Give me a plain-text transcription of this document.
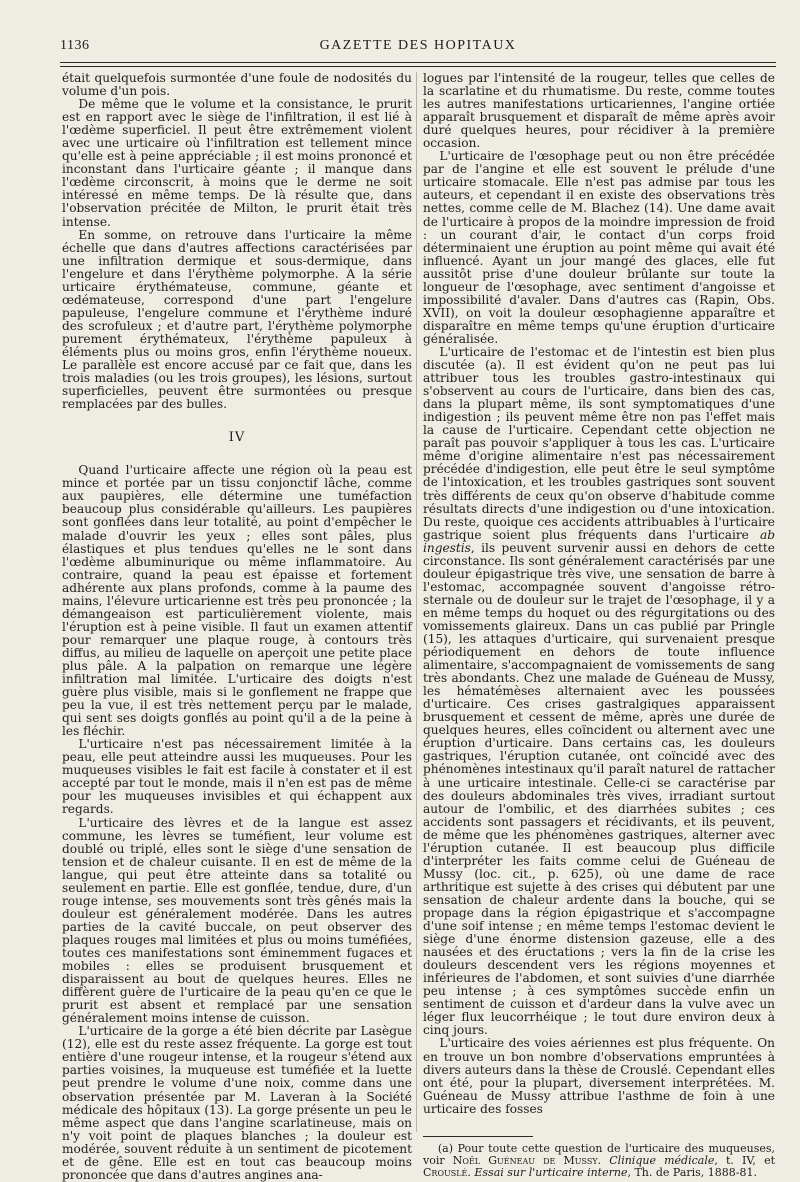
1136	GAZETTE DES HOPITAUX

était quelquefois surmontée d'une foule de nodosités du volume d'un pois.

De même que le volume et la consistance, le prurit est en rapport avec le siège de l'infiltration, il est lié à l'œdème superficiel. Il peut être extrêmement violent avec une urticaire où l'infiltration est tellement mince qu'elle est à peine appréciable ; il est moins prononcé et inconstant dans l'urticaire géante ; il manque dans l'œdème circonscrit, à moins que le derme ne soit intéressé en même temps. De là résulte que, dans l'observation précitée de Milton, le prurit était très intense.

En somme, on retrouve dans l'urticaire la même échelle que dans d'autres affections caractérisées par une infiltration dermique et sous-dermique, dans l'engelure et dans l'érythème polymorphe. A la série urticaire érythémateuse, commune, géante et œdémateuse, correspond d'une part l'engelure papuleuse, l'engelure commune et l'érythème induré des scrofuleux ; et d'autre part, l'érythème polymorphe purement érythémateux, l'érythème papuleux à éléments plus ou moins gros, enfin l'érythème noueux. Le parallèle est encore accusé par ce fait que, dans les trois maladies (ou les trois groupes), les lésions, surtout superficielles, peuvent être surmontées ou presque remplacées par des bulles.

IV

Quand l'urticaire affecte une région où la peau est mince et portée par un tissu conjonctif lâche, comme aux paupières, elle détermine une tuméfaction beaucoup plus considérable qu'ailleurs. Les paupières sont gonflées dans leur totalité, au point d'empêcher le malade d'ouvrir les yeux ; elles sont pâles, plus élastiques et plus tendues qu'elles ne le sont dans l'œdème albuminurique ou même inflammatoire. Au contraire, quand la peau est épaisse et fortement adhérente aux plans profonds, comme à la paume des mains, l'élevure urticarienne est très peu prononcée ; la démangeaison est particulièrement violente, mais l'éruption est à peine visible. Il faut un examen attentif pour remarquer une plaque rouge, à contours très diffus, au milieu de laquelle on aperçoit une petite place plus pâle. A la palpation on remarque une légère infiltration mal limitée. L'urticaire des doigts n'est guère plus visible, mais si le gonflement ne frappe que peu la vue, il est très nettement perçu par le malade, qui sent ses doigts gonflés au point qu'il a de la peine à les fléchir.

L'urticaire n'est pas nécessairement limitée à la peau, elle peut atteindre aussi les muqueuses. Pour les muqueuses visibles le fait est facile à constater et il est accepté par tout le monde, mais il n'en est pas de même pour les muqueuses invisibles et qui échappent aux regards.

L'urticaire des lèvres et de la langue est assez commune, les lèvres se tuméfient, leur volume est doublé ou triplé, elles sont le siège d'une sensation de tension et de chaleur cuisante. Il en est de même de la langue, qui peut être atteinte dans sa totalité ou seulement en partie. Elle est gonflée, tendue, dure, d'un rouge intense, ses mouvements sont très gênés mais la douleur est généralement modérée. Dans les autres parties de la cavité buccale, on peut observer des plaques rouges mal limitées et plus ou moins tuméfiées, toutes ces manifestations sont éminemment fugaces et mobiles : elles se produisent brusquement et disparaissent au bout de quelques heures. Elles ne diffèrent guère de l'urticaire de la peau qu'en ce que le prurit est absent et remplacé par une sensation généralement moins intense de cuisson.

L'urticaire de la gorge a été bien décrite par Lasègue (12), elle est du reste assez fréquente. La gorge est tout entière d'une rougeur intense, et la rougeur s'étend aux parties voisines, la muqueuse est tuméfiée et la luette peut prendre le volume d'une noix, comme dans une observation présentée par M. Laveran à la Société médicale des hôpitaux (13). La gorge présente un peu le même aspect que dans l'angine scarlatineuse, mais on n'y voit point de plaques blanches ; la douleur est modérée, souvent réduite à un sentiment de picotement et de gêne. Elle est en tout cas beaucoup moins prononcée que dans d'autres angines ana-

logues par l'intensité de la rougeur, telles que celles de la scarlatine et du rhumatisme. Du reste, comme toutes les autres manifestations urticariennes, l'angine ortiée apparaît brusquement et disparaît de même après avoir duré quelques heures, pour récidiver à la première occasion.

L'urticaire de l'œsophage peut ou non être précédée par de l'angine et elle est souvent le prélude d'une urticaire stomacale. Elle n'est pas admise par tous les auteurs, et cependant il en existe des observations très nettes, comme celle de M. Blachez (14). Une dame avait de l'urticaire à propos de la moindre impression de froid : un courant d'air, le contact d'un corps froid déterminaient une éruption au point même qui avait été influencé. Ayant un jour mangé des glaces, elle fut aussitôt prise d'une douleur brûlante sur toute la longueur de l'œsophage, avec sentiment d'angoisse et impossibilité d'avaler. Dans d'autres cas (Rapin, Obs. XVII), on voit la douleur œsophagienne apparaître et disparaître en même temps qu'une éruption d'urticaire généralisée.

L'urticaire de l'estomac et de l'intestin est bien plus discutée (a). Il est évident qu'on ne peut pas lui attribuer tous les troubles gastro-intestinaux qui s'observent au cours de l'urticaire, dans bien des cas, dans la plupart même, ils sont symptomatiques d'une indigestion ; ils peuvent même être non pas l'effet mais la cause de l'urticaire. Cependant cette objection ne paraît pas pouvoir s'appliquer à tous les cas. L'urticaire même d'origine alimentaire n'est pas nécessairement précédée d'indigestion, elle peut être le seul symptôme de l'intoxication, et les troubles gastriques sont souvent très différents de ceux qu'on observe d'habitude comme résultats directs d'une indigestion ou d'une intoxication. Du reste, quoique ces accidents attribuables à l'urticaire gastrique soient plus fréquents dans l'urticaire ab ingestis, ils peuvent survenir aussi en dehors de cette circonstance. Ils sont généralement caractérisés par une douleur épigastrique très vive, une sensation de barre à l'estomac, accompagnée souvent d'angoisse rétro-sternale ou de douleur sur le trajet de l'œsophage, il y a en même temps du hoquet ou des régurgitations ou des vomissements glaireux. Dans un cas publié par Pringle (15), les attaques d'urticaire, qui survenaient presque périodiquement en dehors de toute influence alimentaire, s'accompagnaient de vomissements de sang très abondants. Chez une malade de Guéneau de Mussy, les hématémèses alternaient avec les poussées d'urticaire. Ces crises gastralgiques apparaissent brusquement et cessent de même, après une durée de quelques heures, elles coïncident ou alternent avec une éruption d'urticaire. Dans certains cas, les douleurs gastriques, l'éruption cutanée, ont coïncidé avec des phénomènes intestinaux qu'il paraît naturel de rattacher à une urticaire intestinale. Celle-ci se caractérise par des douleurs abdominales très vives, irradiant surtout autour de l'ombilic, et des diarrhées subites ; ces accidents sont passagers et récidivants, et ils peuvent, de même que les phénomènes gastriques, alterner avec l'éruption cutanée. Il est beaucoup plus difficile d'interpréter les faits comme celui de Guéneau de Mussy (loc. cit., p. 625), où une dame de race arthritique est sujette à des crises qui débutent par une sensation de chaleur ardente dans la bouche, qui se propage dans la région épigastrique et s'accompagne d'une soif intense ; en même temps l'estomac devient le siège d'une énorme distension gazeuse, elle a des nausées et des éructations ; vers la fin de la crise les douleurs descendent vers les régions moyennes et inférieures de l'abdomen, et sont suivies d'une diarrhée peu intense ; à ces symptômes succède enfin un sentiment de cuisson et d'ardeur dans la vulve avec un léger flux leucorrhéique ; le tout dure environ deux à cinq jours.

L'urticaire des voies aériennes est plus fréquente. On en trouve un bon nombre d'observations empruntées à divers auteurs dans la thèse de Crouslé. Cependant elles ont été, pour la plupart, diversement interprétées. M. Guéneau de Mussy attribue l'asthme de foin à une urticaire des fosses

(a) Pour toute cette question de l'urticaire des muqueuses, voir Noël Guéneau de Mussy. Clinique médicale, t. IV, et Crouslé. Essai sur l'urticaire interne, Th. de Paris, 1888-81.
